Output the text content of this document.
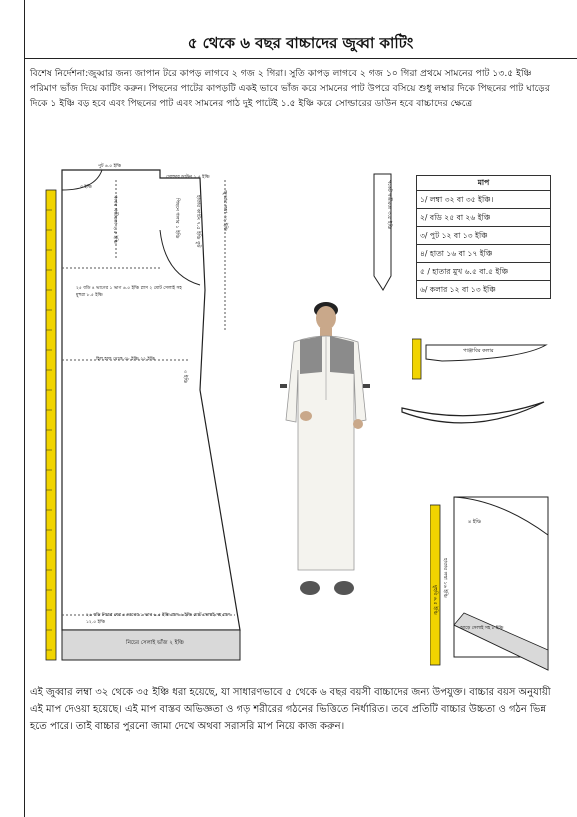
৫ থেকে ৬ বছর বাচ্চাদের জুব্বা কাটিং
বিশেষ নির্দেশনা:জুব্বার জন্য জাপান টরে কাপড় লাগবে ২ গজ ২ গিরা। সুতি কাপড় লাগবে ২ গজ ১০ গিরা প্রথমে সামনের পাট ১৩.৫ ইঞ্চি পরিমাণ ভাঁজ দিয়ে কাটিং করুন। পিছনের পাটের কাপড়টি একই ভাবে ভাঁজ করে সামনের পাট উপরে বসিয়ে শুধু লম্বার দিকে পিছনের পাট ঘাড়ের দিকে ১ ইঞ্চি বড় হবে এবং পিছনের পাট এবং সামনের পাঠ দুই পাটেই ১.৫ ইঞ্চি করে সোল্ডারের ডাউন হবে বাচ্চাদের ক্ষেত্রে
পুট ৬.৫ ইঞ্চি
সোল্ডার ডাউন ১.৫ ইঞ্চি
৩ ইঞ্চি
গলার গভীরতা ২.৫ ইঞ্চি	পিছনে গলার ১ ইঞ্চি	জুব্বার লম্বা ৩২ ইঞ্চি
হাতার কাটিং ৭.৫ ইঞ্চি কুট
২৫ বডি ৪ ভাগের ১ ভাগ ৬.৫ ইঞ্চি প্লাস ২ মোট সেলাই সহ মুহুরা ৮.৫ ইঞ্চি
হিল হাফ থেকে ৩৮ ইঞ্চি ২২ ইঞ্চি
৩ ইঞ্চি
২৬ বডি নিচের ঘের ৪ ভাগের ১ ভাগ ৬.৫ ইঞ্চি প্লাস ৬ ইঞ্চি মোট সেলাই সহ প্লাস ১২.৫ ইঞ্চি
নিচের সেলাই ভাঁজ ২ ইঞ্চি
পকেট গভীরতা ৩.৫ ইঞ্চি	মাপ
১/ লম্বা ৩২ বা ৩৫ ইঞ্চি।
২/ বডি ২৫ বা ২৬ ইঞ্চি
৩/ পুট ১২ বা ১৩ ইঞ্চি
৪/ হাতা ১৬ বা ১৭ ইঞ্চি
৫ / হাতার মুখ ৬.৫ বা.৫ ইঞ্চি
৬/ কলার ১২ বা ১৩ ইঞ্চি
পাঞ্জাবির কলার
৪ ইঞ্চি
হাতার লম্বা ১৬ ইঞ্চি
মুহুরি ৬.৫ ইঞ্চি
আড়ে সেলাই সহ ৮ ইঞ্চি
এই জুব্বার লম্বা ৩২ থেকে ৩৫ ইঞ্চি ধরা হয়েছে, যা সাধারণভাবে ৫ থেকে ৬ বছর বয়সী বাচ্চাদের জন্য উপযুক্ত। বাচ্চার বয়স অনুযায়ী এই মাপ দেওয়া হয়েছে। এই মাপ বাস্তব অভিজ্ঞতা ও গড় শরীরের গঠনের ভিত্তিতে নির্ধারিত। তবে প্রতিটি বাচ্চার উচ্চতা ও গঠন ভিন্ন হতে পারে। তাই বাচ্চার পুরনো জামা দেখে অথবা সরাসরি মাপ নিয়ে কাজ করুন।
